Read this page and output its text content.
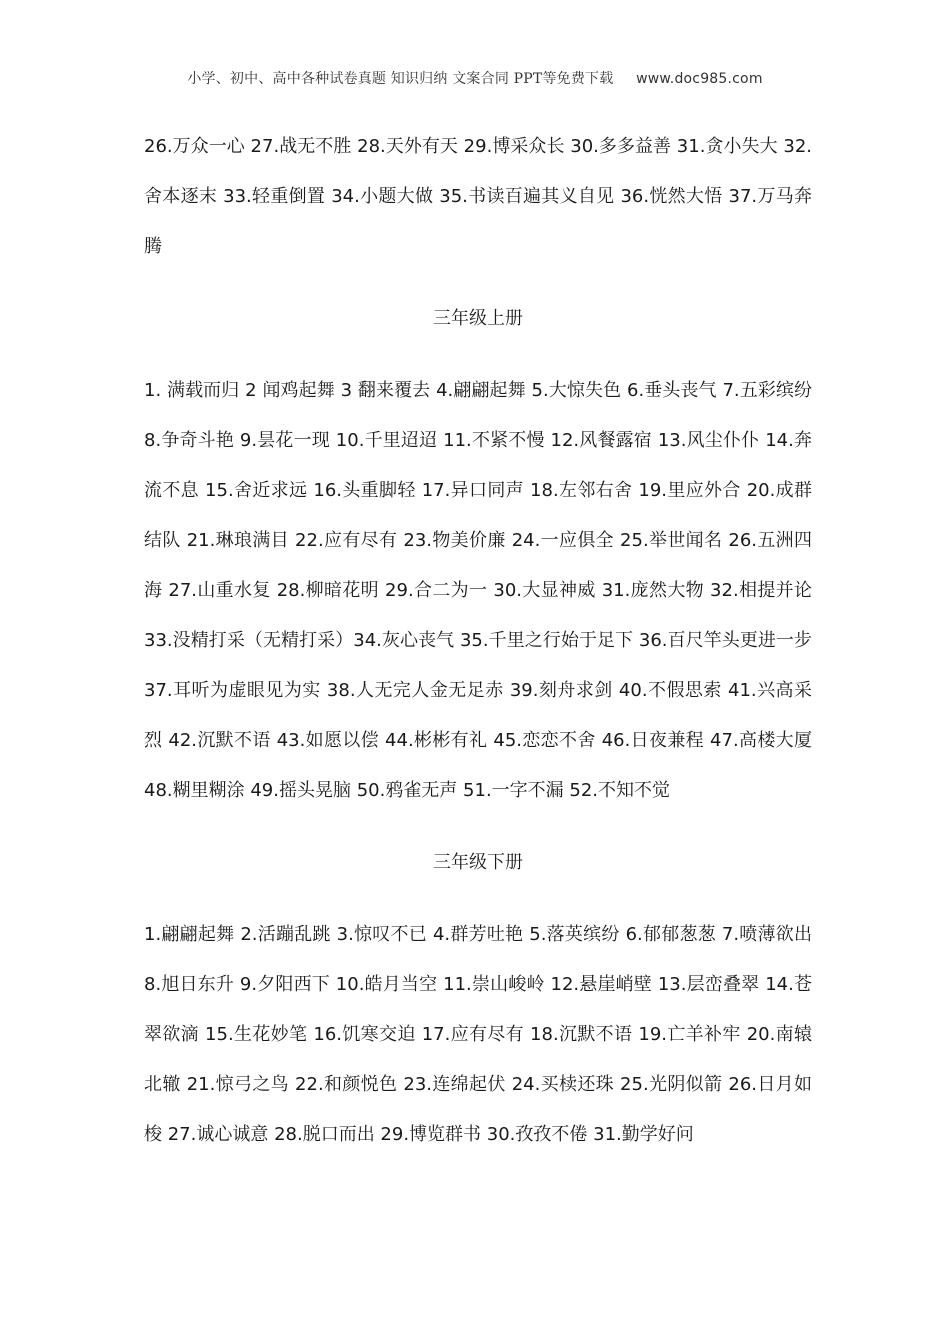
小学、初中、高中各种试卷真题 知识归纳 文案合同 PPT等免费下载 www.doc985.com

26.万众一心 27.战无不胜 28.天外有天 29.博采众长 30.多多益善 31.贪小失大 32.舍本逐末 33.轻重倒置 34.小题大做 35.书读百遍其义自见 36.恍然大悟 37.万马奔腾

三年级上册

1. 满载而归 2 闻鸡起舞 3 翻来覆去 4.翩翩起舞 5.大惊失色 6.垂头丧气 7.五彩缤纷 8.争奇斗艳 9.昙花一现 10.千里迢迢 11.不紧不慢 12.风餐露宿 13.风尘仆仆 14.奔流不息 15.舍近求远 16.头重脚轻 17.异口同声 18.左邻右舍 19.里应外合 20.成群结队 21.琳琅满目 22.应有尽有 23.物美价廉 24.一应俱全 25.举世闻名 26.五洲四海 27.山重水复 28.柳暗花明 29.合二为一 30.大显神威 31.庞然大物 32.相提并论 33.没精打采（无精打采）34.灰心丧气 35.千里之行始于足下 36.百尺竿头更进一步 37.耳听为虚眼见为实 38.人无完人金无足赤 39.刻舟求剑 40.不假思索 41.兴高采烈 42.沉默不语 43.如愿以偿 44.彬彬有礼 45.恋恋不舍 46.日夜兼程 47.高楼大厦 48.糊里糊涂 49.摇头晃脑 50.鸦雀无声 51.一字不漏 52.不知不觉

三年级下册

1.翩翩起舞 2.活蹦乱跳 3.惊叹不已 4.群芳吐艳 5.落英缤纷 6.郁郁葱葱 7.喷薄欲出 8.旭日东升 9.夕阳西下 10.皓月当空 11.崇山峻岭 12.悬崖峭壁 13.层峦叠翠 14.苍翠欲滴 15.生花妙笔 16.饥寒交迫 17.应有尽有 18.沉默不语 19.亡羊补牢 20.南辕北辙 21.惊弓之鸟 22.和颜悦色 23.连绵起伏 24.买椟还珠 25.光阴似箭 26.日月如梭 27.诚心诚意 28.脱口而出 29.博览群书 30.孜孜不倦 31.勤学好问
